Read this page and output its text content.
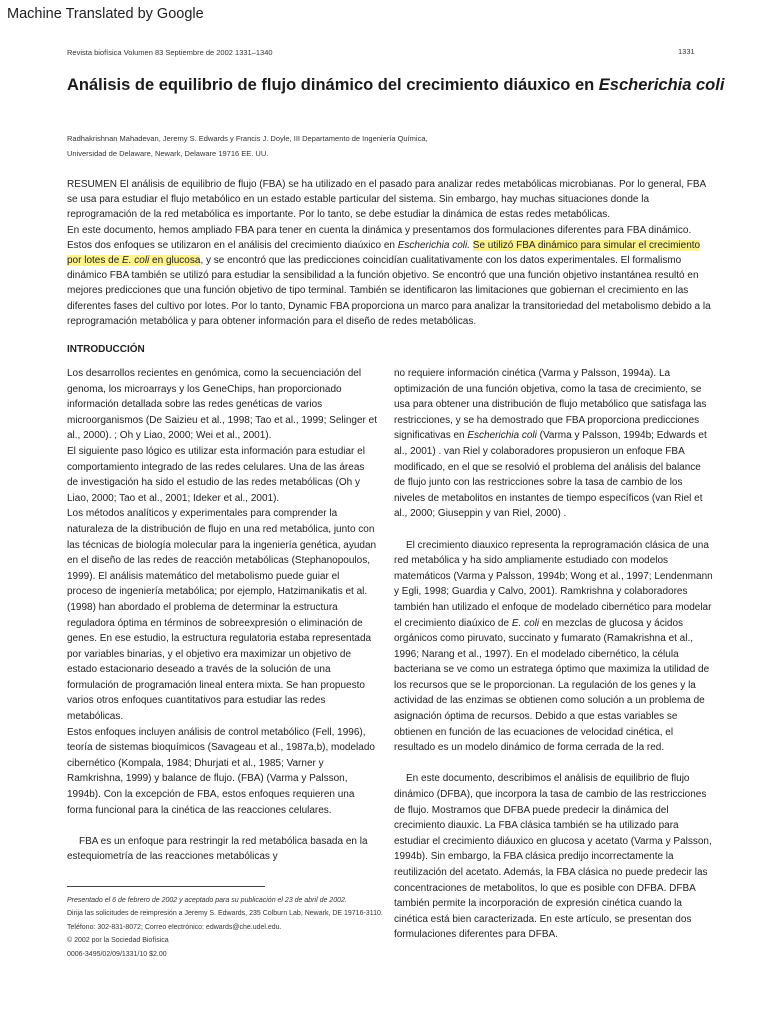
Machine Translated by Google
Revista biofísica Volumen 83 Septiembre de 2002 1331–1340	1331
Análisis de equilibrio de flujo dinámico del crecimiento diáuxico en Escherichia coli
Radhakrishnan Mahadevan, Jeremy S. Edwards y Francis J. Doyle, III Departamento de Ingeniería Química,
Universidad de Delaware, Newark, Delaware 19716 EE. UU.

RESUMEN El análisis de equilibrio de flujo (FBA) se ha utilizado en el pasado para analizar redes metabólicas microbianas. Por lo general, FBA se usa para estudiar el flujo metabólico en un estado estable particular del sistema. Sin embargo, hay muchas situaciones donde la reprogramación de la red metabólica es importante. Por lo tanto, se debe estudiar la dinámica de estas redes metabólicas.

En este documento, hemos ampliado FBA para tener en cuenta la dinámica y presentamos dos formulaciones diferentes para FBA dinámico. Estos dos enfoques se utilizaron en el análisis del crecimiento diaúxico en Escherichia coli. Se utilizó FBA dinámico para simular el crecimiento por lotes de E. coli en glucosa, y se encontró que las predicciones coincidían cualitativamente con los datos experimentales. El formalismo dinámico FBA también se utilizó para estudiar la sensibilidad a la función objetivo. Se encontró que una función objetivo instantánea resultó en mejores predicciones que una función objetivo de tipo terminal. También se identificaron las limitaciones que gobiernan el crecimiento en las diferentes fases del cultivo por lotes. Por lo tanto, Dynamic FBA proporciona un marco para analizar la transitoriedad del metabolismo debido a la reprogramación metabólica y para obtener información para el diseño de redes metabólicas.

INTRODUCCIÓN

Los desarrollos recientes en genómica, como la secuenciación del genoma, los microarrays y los GeneChips, han proporcionado información detallada sobre las redes genéticas de varios microorganismos (De Saizieu et al., 1998; Tao et al., 1999; Selinger et al., 2000). ; Oh y Liao, 2000; Wei et al., 2001).

El siguiente paso lógico es utilizar esta información para estudiar el comportamiento integrado de las redes celulares. Una de las áreas de investigación ha sido el estudio de las redes metabólicas (Oh y Liao, 2000; Tao et al., 2001; Ideker et al., 2001).

Los métodos analíticos y experimentales para comprender la naturaleza de la distribución de flujo en una red metabólica, junto con las técnicas de biología molecular para la ingeniería genética, ayudan en el diseño de las redes de reacción metabólicas (Stephanopoulos, 1999). El análisis matemático del metabolismo puede guiar el proceso de ingeniería metabólica; por ejemplo, Hatzimanikatis et al. (1998) han abordado el problema de determinar la estructura reguladora óptima en términos de sobreexpresión o eliminación de genes. En ese estudio, la estructura regulatoria estaba representada por variables binarias, y el objetivo era maximizar un objetivo de estado estacionario deseado a través de la solución de una formulación de programación lineal entera mixta. Se han propuesto varios otros enfoques cuantitativos para estudiar las redes metabólicas.

Estos enfoques incluyen análisis de control metabólico (Fell, 1996), teoría de sistemas bioquímicos (Savageau et al., 1987a,b), modelado cibernético (Kompala, 1984; Dhurjati et al., 1985; Varner y Ramkrishna, 1999) y balance de flujo. (FBA) (Varma y Palsson, 1994b). Con la excepción de FBA, estos enfoques requieren una forma funcional para la cinética de las reacciones celulares.

FBA es un enfoque para restringir la red metabólica basada en la estequiometría de las reacciones metabólicas y

no requiere información cinética (Varma y Palsson, 1994a). La optimización de una función objetiva, como la tasa de crecimiento, se usa para obtener una distribución de flujo metabólico que satisfaga las restricciones, y se ha demostrado que FBA proporciona predicciones significativas en Escherichia coli (Varma y Palsson, 1994b; Edwards et al., 2001) . van Riel y colaboradores propusieron un enfoque FBA modificado, en el que se resolvió el problema del análisis del balance de flujo junto con las restricciones sobre la tasa de cambio de los niveles de metabolitos en instantes de tiempo específicos (van Riel et al., 2000; Giuseppin y van Riel, 2000) .

El crecimiento diauxico representa la reprogramación clásica de una red metabólica y ha sido ampliamente estudiado con modelos matemáticos (Varma y Palsson, 1994b; Wong et al., 1997; Lendenmann y Egli, 1998; Guardia y Calvo, 2001). Ramkrishna y colaboradores también han utilizado el enfoque de modelado cibernético para modelar el crecimiento diaúxico de E. coli en mezclas de glucosa y ácidos orgánicos como piruvato, succinato y fumarato (Ramakrishna et al., 1996; Narang et al., 1997). En el modelado cibernético, la célula bacteriana se ve como un estratega óptimo que maximiza la utilidad de los recursos que se le proporcionan. La regulación de los genes y la actividad de las enzimas se obtienen como solución a un problema de asignación óptima de recursos. Debido a que estas variables se obtienen en función de las ecuaciones de velocidad cinética, el resultado es un modelo dinámico de forma cerrada de la red.

En este documento, describimos el análisis de equilibrio de flujo dinámico (DFBA), que incorpora la tasa de cambio de las restricciones de flujo. Mostramos que DFBA puede predecir la dinámica del crecimiento diauxic. La FBA clásica también se ha utilizado para estudiar el crecimiento diáuxico en glucosa y acetato (Varma y Palsson, 1994b). Sin embargo, la FBA clásica predijo incorrectamente la reutilización del acetato. Además, la FBA clásica no puede predecir las concentraciones de metabolitos, lo que es posible con DFBA. DFBA también permite la incorporación de expresión cinética cuando la cinética está bien caracterizada. En este artículo, se presentan dos formulaciones diferentes para DFBA.

Presentado el 6 de febrero de 2002 y aceptado para su publicación el 23 de abril de 2002.

Dirija las solicitudes de reimpresión a Jeremy S. Edwards, 235 Colburn Lab, Newark, DE 19716-3110. Teléfono: 302-831-8072; Correo electrónico: edwards@che.udel.edu.

© 2002 por la Sociedad Biofísica

0006-3495/02/09/1331/10 $2.00
